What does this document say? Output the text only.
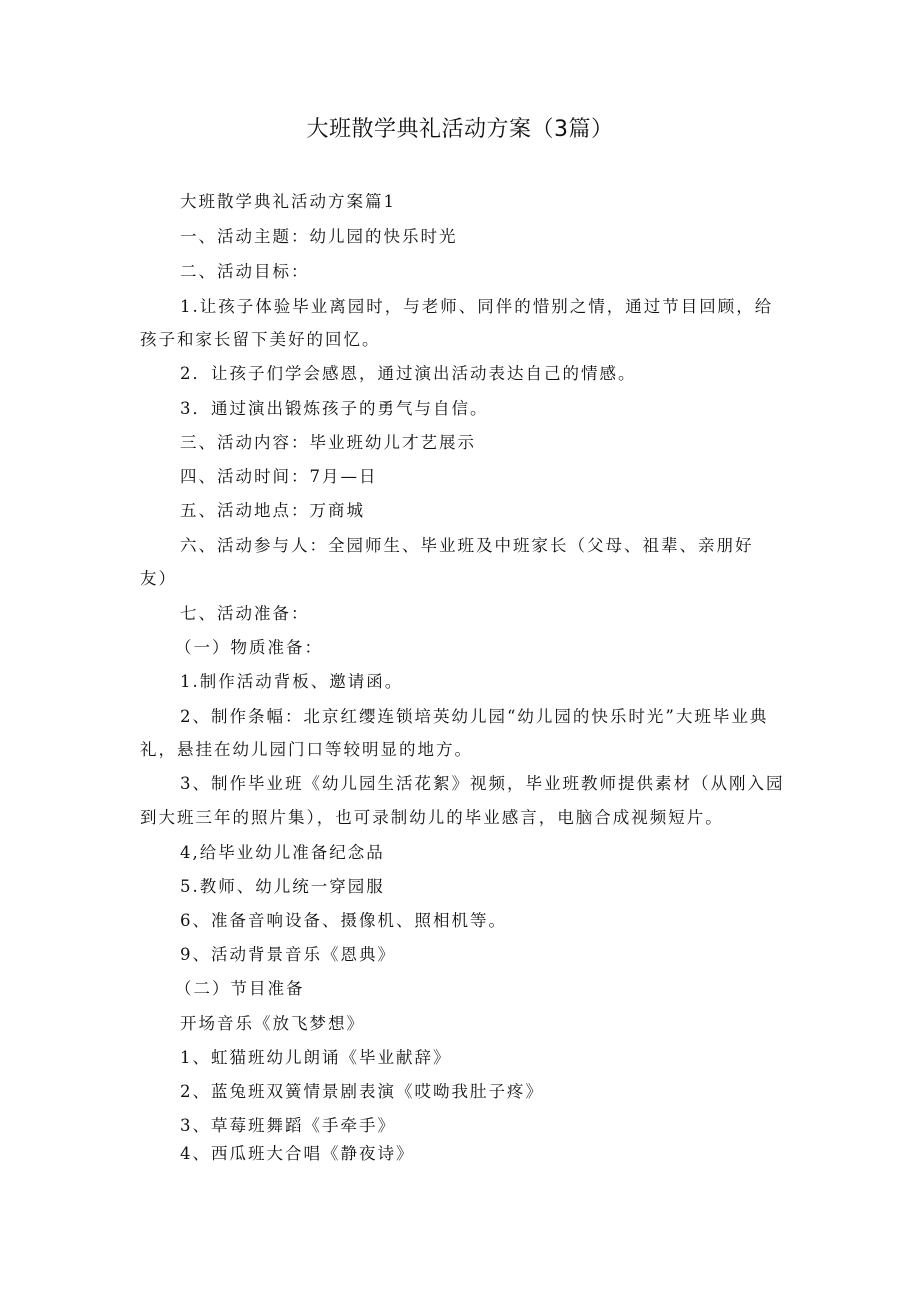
大班散学典礼活动方案（3篇）
大班散学典礼活动方案篇1
一、活动主题：幼儿园的快乐时光
二、活动目标：
1.让孩子体验毕业离园时，与老师、同伴的惜别之情，通过节目回顾，给
孩子和家长留下美好的回忆。
2．让孩子们学会感恩，通过演出活动表达自己的情感。
3．通过演出锻炼孩子的勇气与自信。
三、活动内容：毕业班幼儿才艺展示
四、活动时间：7月—日
五、活动地点：万商城
六、活动参与人：全园师生、毕业班及中班家长（父母、祖辈、亲朋好
友）
七、活动准备：
（一）物质准备：
1.制作活动背板、邀请函。
2、制作条幅：北京红缨连锁培英幼儿园“幼儿园的快乐时光”大班毕业典
礼，悬挂在幼儿园门口等较明显的地方。
3、制作毕业班《幼儿园生活花絮》视频，毕业班教师提供素材（从刚入园
到大班三年的照片集），也可录制幼儿的毕业感言，电脑合成视频短片。
4,给毕业幼儿准备纪念品
5.教师、幼儿统一穿园服
6、准备音响设备、摄像机、照相机等。
9、活动背景音乐《恩典》
（二）节目准备
开场音乐《放飞梦想》
1、虹猫班幼儿朗诵《毕业献辞》
2、蓝兔班双簧情景剧表演《哎呦我肚子疼》
3、草莓班舞蹈《手牵手》
4、西瓜班大合唱《静夜诗》
